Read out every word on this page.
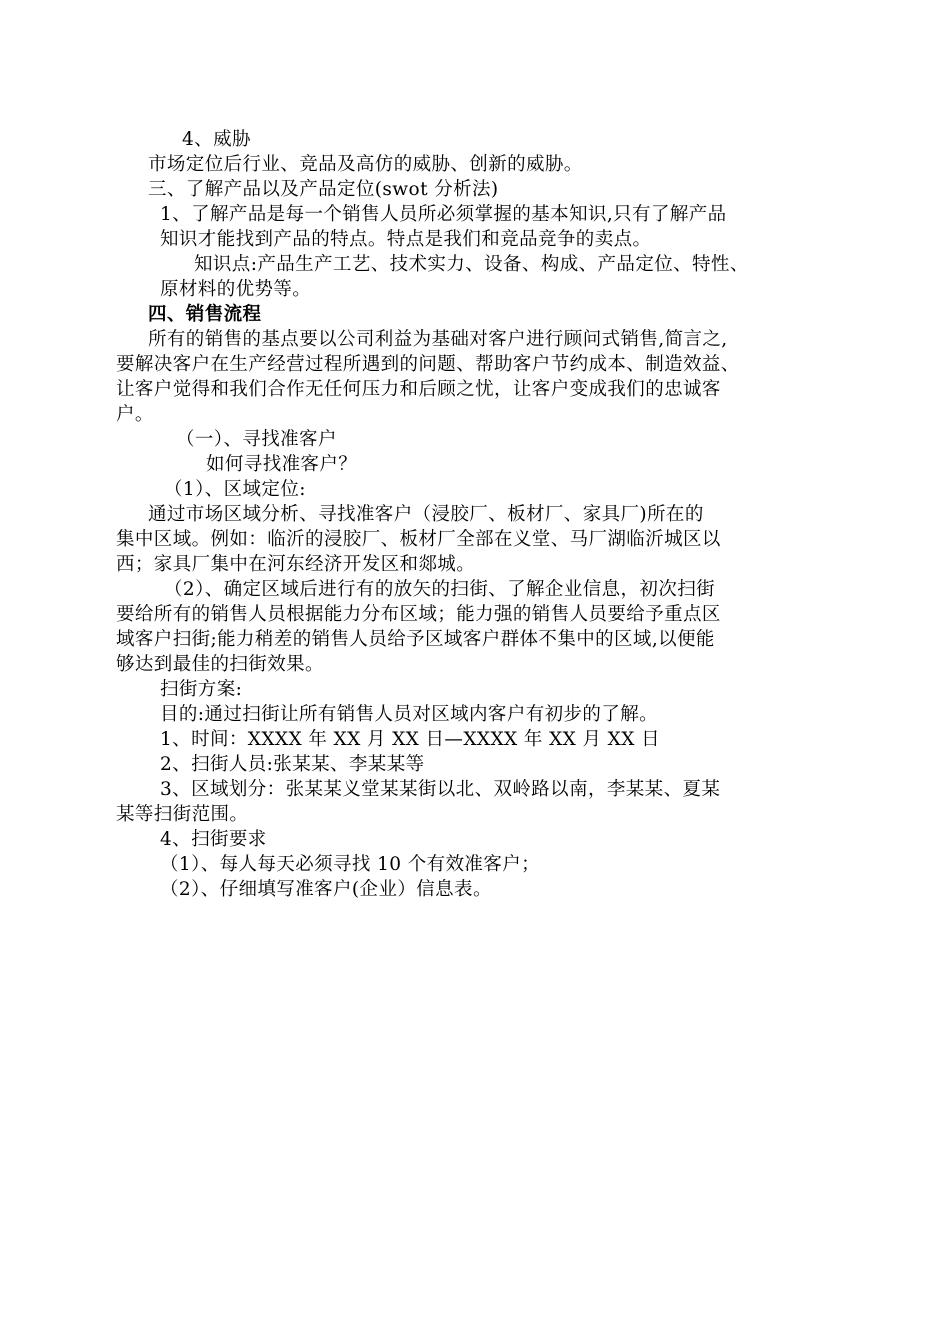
4、威胁
市场定位后行业、竞品及高仿的威胁、创新的威胁。
三、了解产品以及产品定位(swot 分析法)
1、了解产品是每一个销售人员所必须掌握的基本知识,只有了解产品
知识才能找到产品的特点。特点是我们和竞品竞争的卖点。
知识点:产品生产工艺、技术实力、设备、构成、产品定位、特性、
原材料的优势等。
四、销售流程
所有的销售的基点要以公司利益为基础对客户进行顾问式销售,简言之,
要解决客户在生产经营过程所遇到的问题、帮助客户节约成本、制造效益、
让客户觉得和我们合作无任何压力和后顾之忧，让客户变成我们的忠诚客
户。
（一）、寻找准客户
如何寻找准客户？
（1）、区域定位:
通过市场区域分析、寻找准客户（浸胶厂、板材厂、家具厂)所在的
集中区域。例如：临沂的浸胶厂、板材厂全部在义堂、马厂湖临沂城区以
西；家具厂集中在河东经济开发区和郯城。
（2）、确定区域后进行有的放矢的扫街、了解企业信息，初次扫街
要给所有的销售人员根据能力分布区域；能力强的销售人员要给予重点区
域客户扫街;能力稍差的销售人员给予区域客户群体不集中的区域,以便能
够达到最佳的扫街效果。
扫街方案:
目的:通过扫街让所有销售人员对区域内客户有初步的了解。
1、时间：XXXX 年 XX 月 XX 日—XXXX 年 XX 月 XX 日
2、扫街人员:张某某、李某某等
3、区域划分：张某某义堂某某街以北、双岭路以南，李某某、夏某
某等扫街范围。
4、扫街要求
（1）、每人每天必须寻找 10 个有效准客户；
（2）、仔细填写准客户(企业）信息表。
